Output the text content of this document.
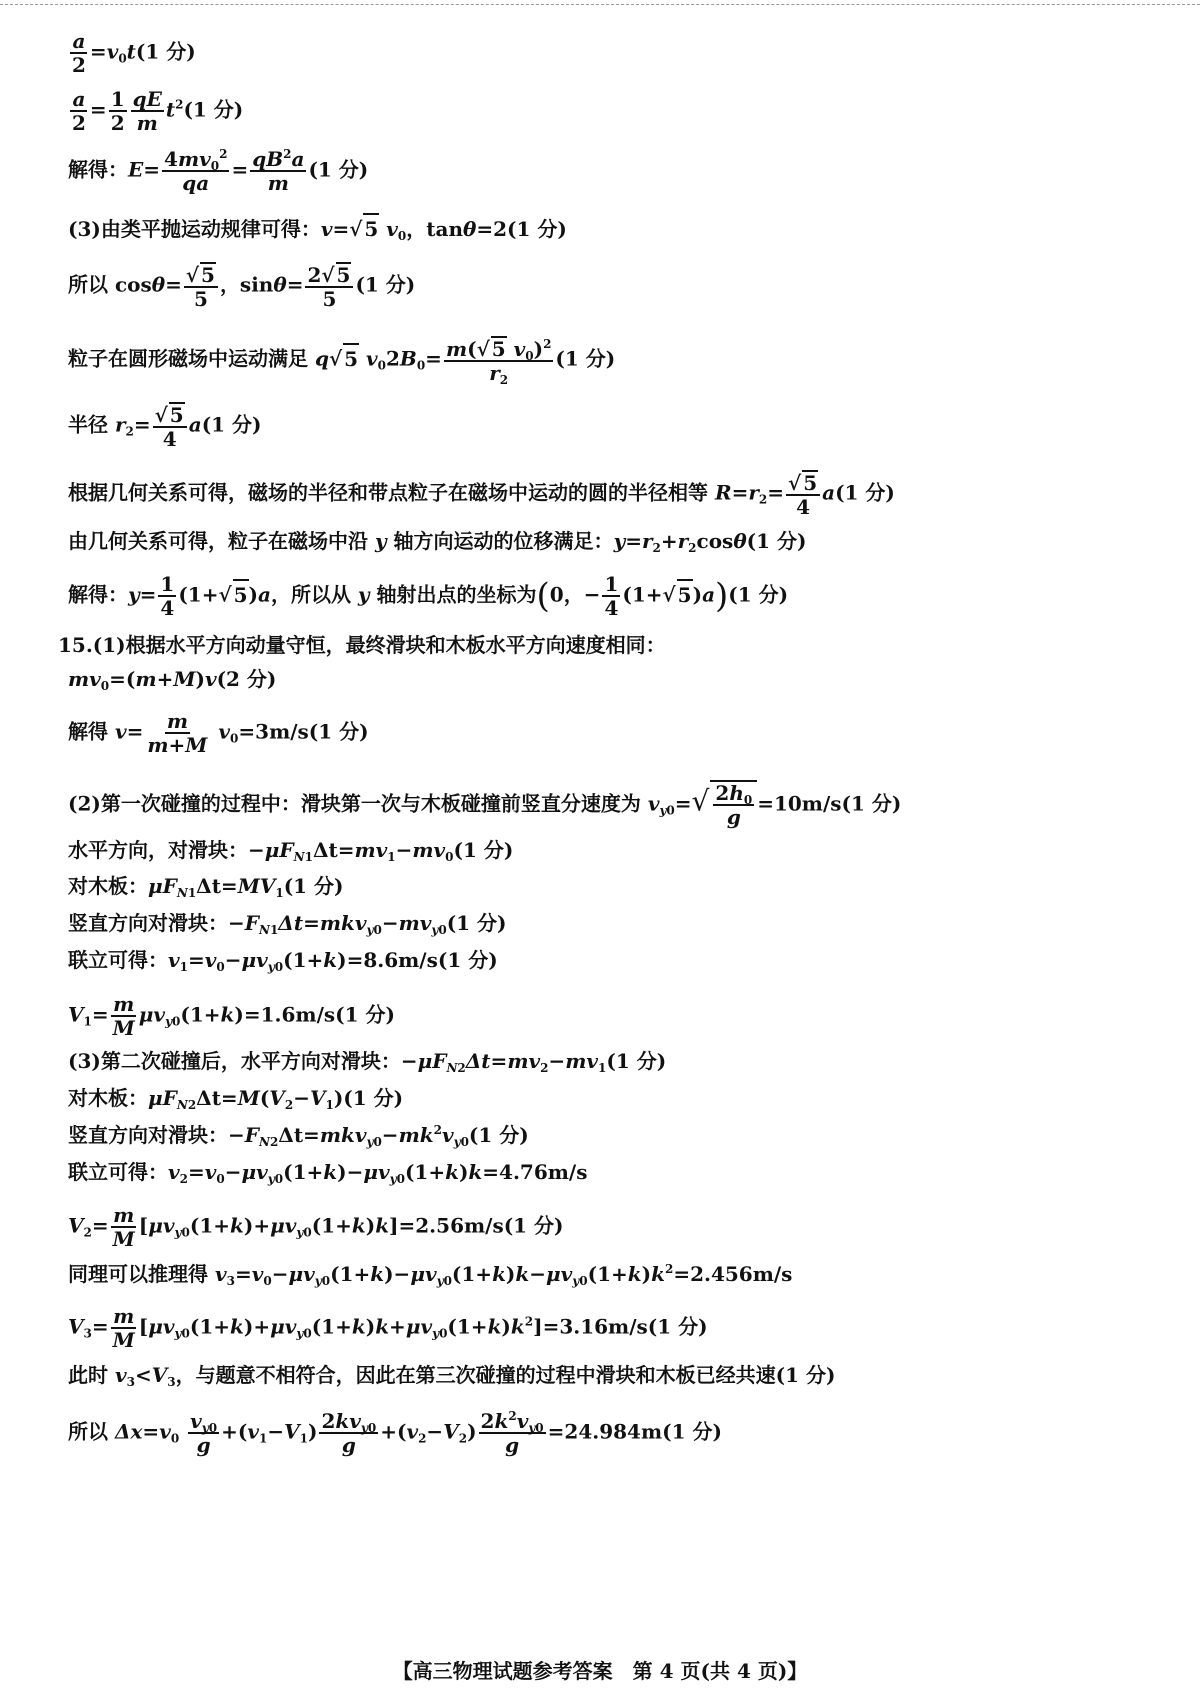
$\frac{a}{2} =v_0t(1$ 分)
$\frac{a}{2} = \frac{1}{2} \frac{qE}{m} t^2(1$ 分)
解得：$E= \frac{4mv_0^2}{qa} = \frac{qB^2a}{m} (1$ 分)
(3)由类平抛运动规律可得：v=√ 5 $v_0$，tanθ=2(1 分)
所以 $\cos\theta= \frac{√ 5}{5}$ ，$\sin\theta= \frac{2√ 5}{5} (1$ 分)
粒子在圆形磁场中运动满足 q√ 5 $v_02B_0= \frac{m(√ 5 v_0)^2}{r_2} (1$ 分)
半径 $r_2= \frac{√ 5}{4} a(1$ 分)
根据几何关系可得，磁场的半径和带点粒子在磁场中运动的圆的半径相等 $R=r_2= \frac{√ 5}{4} a(1$ 分)
由几何关系可得，粒子在磁场中沿 y 轴方向运动的位移满足：$y=r_2+r_2\cos\theta(1$ 分)
解得：$y= \frac{1}{4} (1+√$ 5)a，所以从 y 轴射出点的坐标为(0，− $\frac{1}{4} (1+√$ 5)a)(1 分)
15.(1)根据水平方向动量守恒，最终滑块和木板水平方向速度相同：
$mv_0=(m+M)v(2$ 分)
解得 $v= \frac{m}{m+M} v_0=3m/s(1$ 分)
(2)第一次碰撞的过程中：滑块第一次与木板碰撞前竖直分速度为 $v_{y0}=√ \frac{2h_0}{g} =10m/s(1$ 分)
水平方向，对滑块：$-\mu F_{N1}\Delta t=mv_1-mv_0(1$ 分)
对木板：$\mu F_{N1}\Delta t=MV_1(1$ 分)
竖直方向对滑块：$-F_{N1}\Delta t=mkv_{y0}-mv_{y0}(1$ 分)
联立可得：$v_1=v_0-\mu v_{y0}(1+k)=8.6m/s(1$ 分)
$V_1= \frac{m}{M} \mu v_{y0}(1+k)=1.6m/s(1$ 分)
(3)第二次碰撞后，水平方向对滑块：$-\mu F_{N2}\Delta t=mv_2-mv_1(1$ 分)
对木板：$\mu F_{N2}\Delta t=M(V_2-V_1)(1$ 分)
竖直方向对滑块：$-F_{N2}\Delta t=mkv_{y0}-mk^2v_{y0}(1$ 分)
联立可得：$v_2=v_0-\mu v_{y0}(1+k)-\mu v_{y0}(1+k)k=4.76m/s$
$V_2= \frac{m}{M} [\mu v_{y0}(1+k)+\mu v_{y0}(1+k)k]=2.56m/s(1$ 分)
同理可以推理得 $v_3=v_0-\mu v_{y0}(1+k)-\mu v_{y0}(1+k)k-\mu v_{y0}(1+k)k^2=2.456m/s$
$V_3= \frac{m}{M} [\mu v_{y0}(1+k)+\mu v_{y0}(1+k)k+\mu v_{y0}(1+k)k^2]=3.16m/s(1$ 分)
此时 $v_3<V_3$，与题意不相符合，因此在第三次碰撞的过程中滑块和木板已经共速(1 分)
所以 $\Delta x=v_0 \frac{v_{y0}}{g} +(v_1-V_1)$ $2kv_{y0}$
g
$+(v_2-V_2) \frac{2k^2v_{y0}}{g} =24.984m(1$ 分)
【高三物理试题参考答案　第 4 页(共 4 页)】
